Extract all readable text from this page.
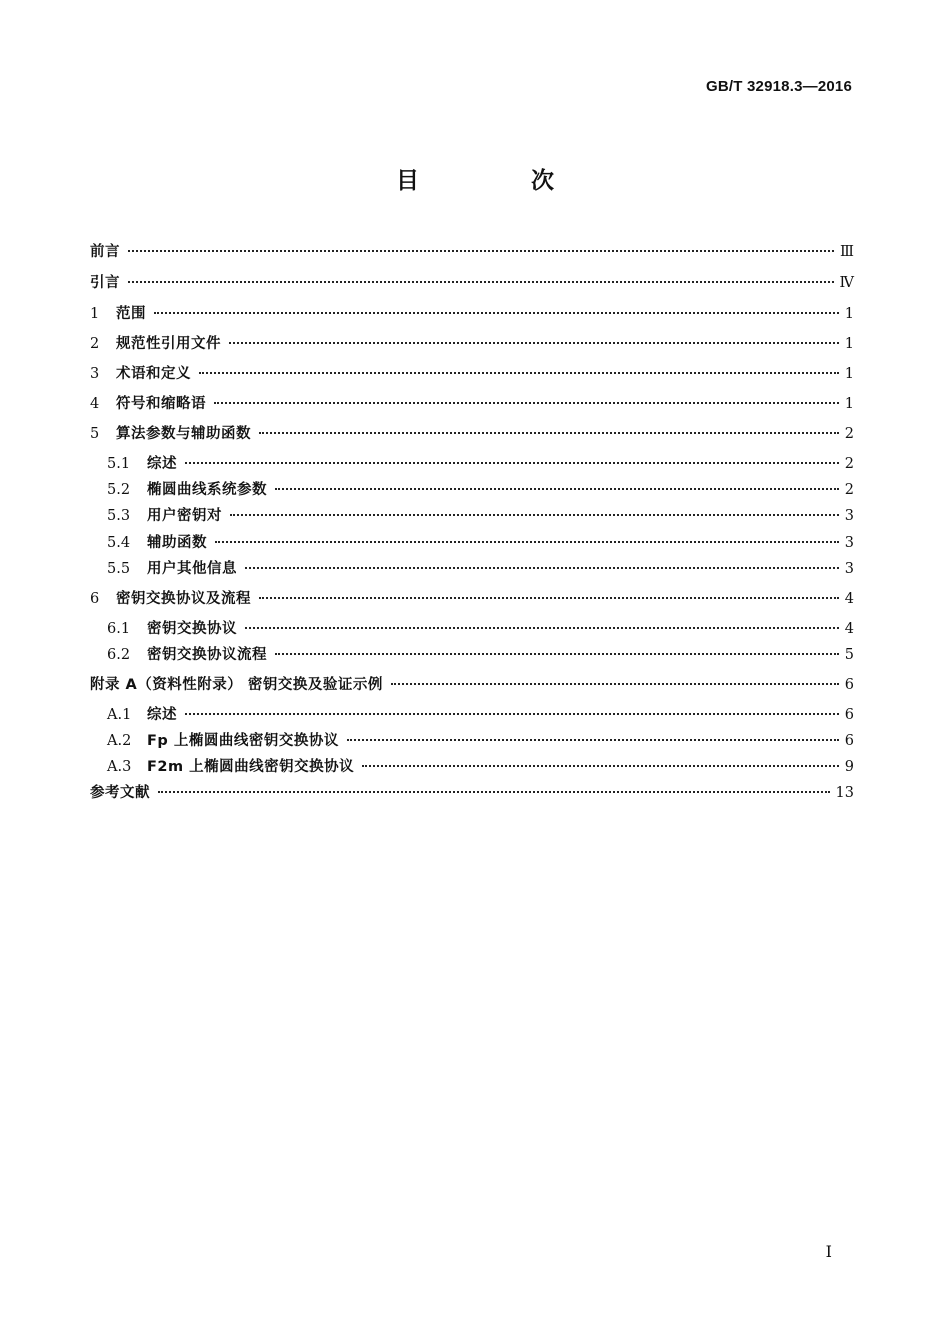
GB/T 32918.3—2016
目 次
前言	Ⅲ
引言	Ⅳ
1	范围	1
2	规范性引用文件	1
3	术语和定义	1
4	符号和缩略语	1
5	算法参数与辅助函数	2
5.1	综述	2
5.2	椭圆曲线系统参数	2
5.3	用户密钥对	3
5.4	辅助函数	3
5.5	用户其他信息	3
6	密钥交换协议及流程	4
6.1	密钥交换协议	4
6.2	密钥交换协议流程	5
附录 A（资料性附录） 密钥交换及验证示例	6
A.1	综述	6
A.2	Fp 上椭圆曲线密钥交换协议	6
A.3	F2m 上椭圆曲线密钥交换协议	9
参考文献	13
Ⅰ
